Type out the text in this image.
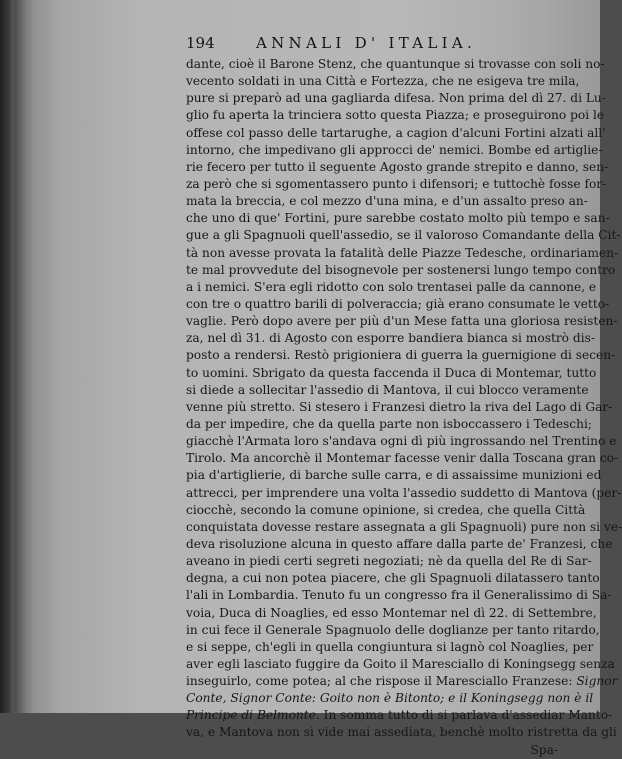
194	ANNALI D' ITALIA.
dante, cioè il Barone Stenz, che quantunque si trovasse con soli no-
vecento soldati in una Città e Fortezza, che ne esigeva tre mila,
pure si preparò ad una gagliarda difesa. Non prima del dì 27. di Lu-
glio fu aperta la trinciera sotto questa Piazza; e proseguirono poi le
offese col passo delle tartarughe, a cagion d'alcuni Fortini alzati all'
intorno, che impedivano gli approcci de' nemici. Bombe ed artiglie-
rie fecero per tutto il seguente Agosto grande strepito e danno, sen-
za però che si sgomentassero punto i difensori; e tuttochè fosse for-
mata la breccia, e col mezzo d'una mina, e d'un assalto preso an-
che uno di que' Fortini, pure sarebbe costato molto più tempo e san-
gue a gli Spagnuoli quell'assedio, se il valoroso Comandante della Cit-
tà non avesse provata la fatalità delle Piazze Tedesche, ordinariamen-
te mal provvedute del bisognevole per sostenersi lungo tempo contro
a i nemici. S'era egli ridotto con solo trentasei palle da cannone, e
con tre o quattro barili di polveraccia; già erano consumate le vetto-
vaglie. Però dopo avere per più d'un Mese fatta una gloriosa resisten-
za, nel dì 31. di Agosto con esporre bandiera bianca si mostrò dis-
posto a rendersi. Restò prigioniera di guerra la guernigione di secen-
to uomini. Sbrigato da questa faccenda il Duca di Montemar, tutto
si diede a sollecitar l'assedio di Mantova, il cui blocco veramente
venne più stretto. Si stesero i Franzesi dietro la riva del Lago di Gar-
da per impedire, che da quella parte non isboccassero i Tedeschi;
giacchè l'Armata loro s'andava ogni dì più ingrossando nel Trentino e
Tirolo. Ma ancorchè il Montemar facesse venir dalla Toscana gran co-
pia d'artiglierie, di barche sulle carra, e di assaissime munizioni ed
attrecci, per imprendere una volta l'assedio suddetto di Mantova (per-
ciocchè, secondo la comune opinione, si credea, che quella Città
conquistata dovesse restare assegnata a gli Spagnuoli) pure non si ve-
deva risoluzione alcuna in questo affare dalla parte de' Franzesi, che
aveano in piedi certi segreti negoziati; nè da quella del Re di Sar-
degna, a cui non potea piacere, che gli Spagnuoli dilatassero tanto
l'ali in Lombardia. Tenuto fu un congresso fra il Generalissimo di Sa-
voia, Duca di Noaglies, ed esso Montemar nel dì 22. di Settembre,
in cui fece il Generale Spagnuolo delle doglianze per tanto ritardo,
e si seppe, ch'egli in quella congiuntura si lagnò col Noaglies, per
aver egli lasciato fuggire da Goito il Maresciallo di Koningsegg senza
inseguirlo, come potea; al che rispose il Maresciallo Franzese: Signor
Conte, Signor Conte: Goito non è Bitonto; e il Koningsegg non è il
Principe di Belmonte. In somma tutto di si parlava d'assediar Manto-
va, e Mantova non si vide mai assediata, benchè molto ristretta da gli
Spa-
